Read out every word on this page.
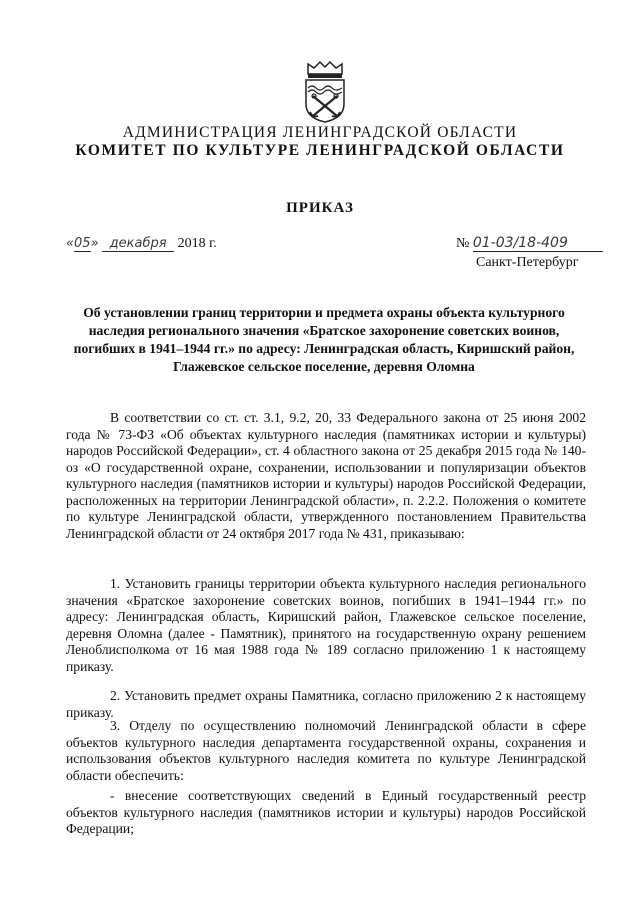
АДМИНИСТРАЦИЯ ЛЕНИНГРАДСКОЙ ОБЛАСТИ
КОМИТЕТ ПО КУЛЬТУРЕ ЛЕНИНГРАДСКОЙ ОБЛАСТИ
ПРИКАЗ
«05» декабря 2018 г.	№ 01-03/18-409
Санкт-Петербург
Об установлении границ территории и предмета охраны объекта культурного наследия регионального значения «Братское захоронение советских воинов, погибших в 1941–1944 гг.» по адресу: Ленинградская область, Киришский район, Глажевское сельское поселение, деревня Оломна

В соответствии со ст. ст. 3.1, 9.2, 20, 33 Федерального закона от 25 июня 2002 года № 73-ФЗ «Об объектах культурного наследия (памятниках истории и культуры) народов Российской Федерации», ст. 4 областного закона от 25 декабря 2015 года № 140-оз «О государственной охране, сохранении, использовании и популяризации объектов культурного наследия (памятников истории и культуры) народов Российской Федерации, расположенных на территории Ленинградской области», п. 2.2.2. Положения о комитете по культуре Ленинградской области, утвержденного постановлением Правительства Ленинградской области от 24 октября 2017 года № 431, приказываю:

1. Установить границы территории объекта культурного наследия регионального значения «Братское захоронение советских воинов, погибших в 1941–1944 гг.» по адресу: Ленинградская область, Киришский район, Глажевское сельское поселение, деревня Оломна (далее - Памятник), принятого на государственную охрану решением Леноблисполкома от 16 мая 1988 года № 189 согласно приложению 1 к настоящему приказу.

2. Установить предмет охраны Памятника, согласно приложению 2 к настоящему приказу.

3. Отделу по осуществлению полномочий Ленинградской области в сфере объектов культурного наследия департамента государственной охраны, сохранения и использования объектов культурного наследия комитета по культуре Ленинградской области обеспечить:

- внесение соответствующих сведений в Единый государственный реестр объектов культурного наследия (памятников истории и культуры) народов Российской Федерации;
